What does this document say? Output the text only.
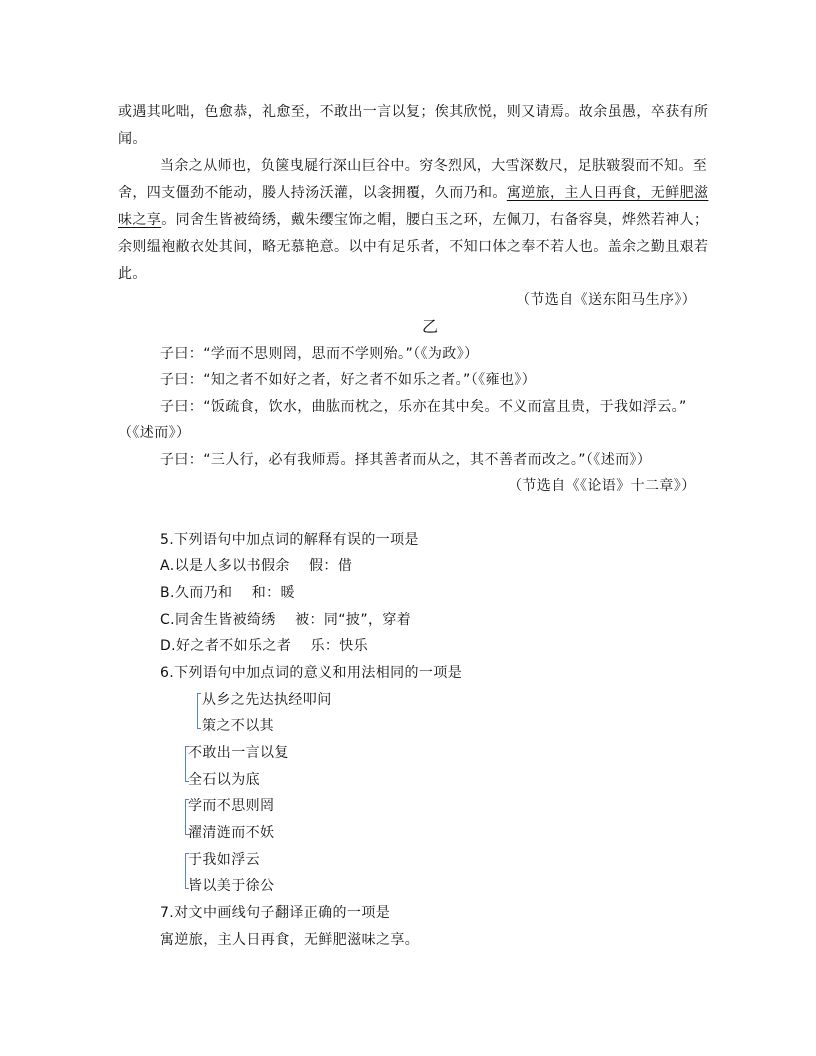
或遇其叱咄，色愈恭，礼愈至，不敢出一言以复；俟其欣悦，则又请焉。故余虽愚，卒获有所
闻。
当余之从师也，负箧曳屣行深山巨谷中。穷冬烈风，大雪深数尺，足肤皲裂而不知。至
舍，四支僵劲不能动，媵人持汤沃灌，以衾拥覆，久而乃和。寓逆旅，主人日再食，无鲜肥滋
味之享。同舍生皆被绮绣，戴朱缨宝饰之帽，腰白玉之环，左佩刀，右备容臭，烨然若神人；
余则缊袍敝衣处其间，略无慕艳意。以中有足乐者，不知口体之奉不若人也。盖余之勤且艰若
此。
（节选自《送东阳马生序》）
乙
子曰：“学而不思则罔，思而不学则殆。”（《为政》）
子曰：“知之者不如好之者，好之者不如乐之者。”（《雍也》）
子曰：“饭疏食，饮水，曲肱而枕之，乐亦在其中矣。不义而富且贵，于我如浮云。”
（《述而》）
子曰：“三人行，必有我师焉。择其善者而从之，其不善者而改之。”（《述而》）
（节选自《《论语》十二章》）
5.下列语句中加点词的解释有误的一项是
A.以是人多以书假余　 假：借
B.久而乃和　 和：暖
C.同舍生皆被绮绣　 被：同“披”，穿着
D.好之者不如乐之者　 乐：快乐
6.下列语句中加点词的意义和用法相同的一项是
从乡之先达执经叩问
策之不以其
不敢出一言以复
全石以为底
学而不思则罔
濯清涟而不妖
于我如浮云
皆以美于徐公
7.对文中画线句子翻译正确的一项是
寓逆旅，主人日再食，无鲜肥滋味之享。
